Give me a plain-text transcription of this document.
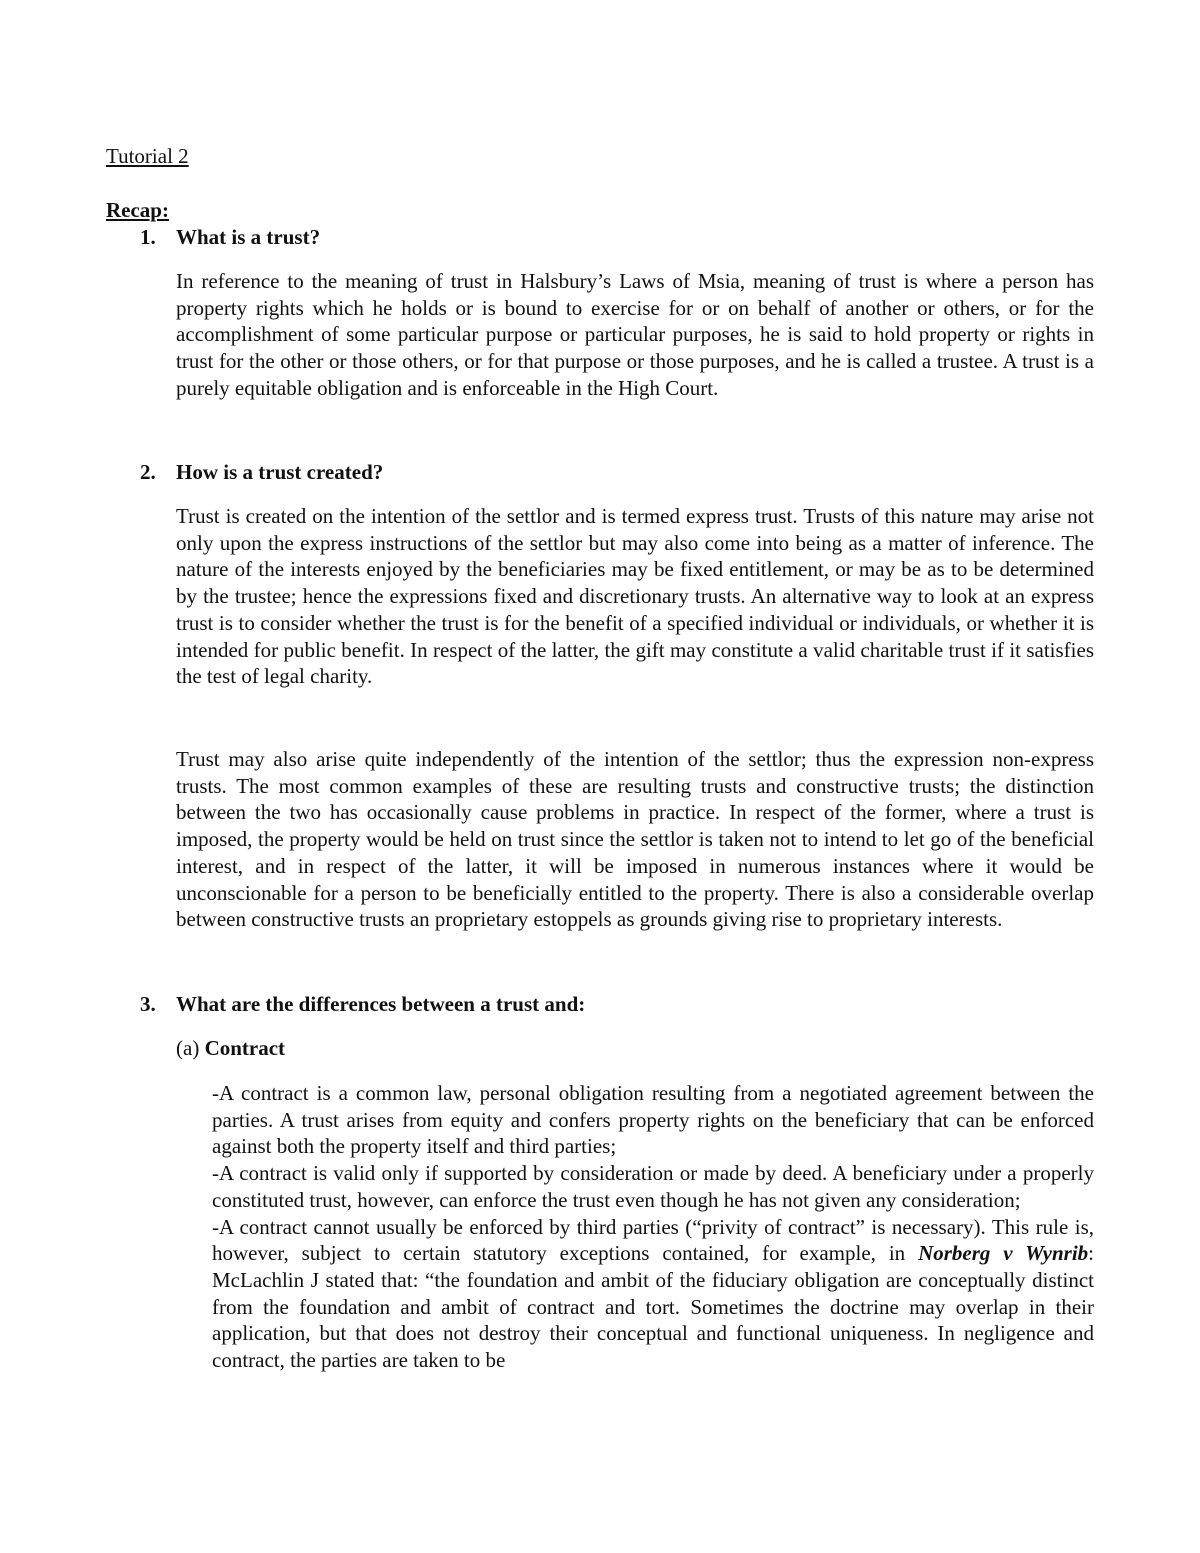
Tutorial 2
Recap:
1. What is a trust?

In reference to the meaning of trust in Halsbury’s Laws of Msia, meaning of trust is where a person has property rights which he holds or is bound to exercise for or on behalf of another or others, or for the accomplishment of some particular purpose or particular purposes, he is said to hold property or rights in trust for the other or those others, or for that purpose or those purposes, and he is called a trustee. A trust is a purely equitable obligation and is enforceable in the High Court.

2. How is a trust created?

Trust is created on the intention of the settlor and is termed express trust. Trusts of this nature may arise not only upon the express instructions of the settlor but may also come into being as a matter of inference. The nature of the interests enjoyed by the beneficiaries may be fixed entitlement, or may be as to be determined by the trustee; hence the expressions fixed and discretionary trusts. An alternative way to look at an express trust is to consider whether the trust is for the benefit of a specified individual or individuals, or whether it is intended for public benefit. In respect of the latter, the gift may constitute a valid charitable trust if it satisfies the test of legal charity.

Trust may also arise quite independently of the intention of the settlor; thus the expression non-express trusts. The most common examples of these are resulting trusts and constructive trusts; the distinction between the two has occasionally cause problems in practice. In respect of the former, where a trust is imposed, the property would be held on trust since the settlor is taken not to intend to let go of the beneficial interest, and in respect of the latter, it will be imposed in numerous instances where it would be unconscionable for a person to be beneficially entitled to the property. There is also a considerable overlap between constructive trusts an proprietary estoppels as grounds giving rise to proprietary interests.

3. What are the differences between a trust and:
(a) Contract
-A contract is a common law, personal obligation resulting from a negotiated agreement between the parties. A trust arises from equity and confers property rights on the beneficiary that can be enforced against both the property itself and third parties;
-A contract is valid only if supported by consideration or made by deed. A beneficiary under a properly constituted trust, however, can enforce the trust even though he has not given any consideration;
-A contract cannot usually be enforced by third parties (“privity of contract” is necessary). This rule is, however, subject to certain statutory exceptions contained, for example, in Norberg v Wynrib: McLachlin J stated that: “the foundation and ambit of the fiduciary obligation are conceptually distinct from the foundation and ambit of contract and tort. Sometimes the doctrine may overlap in their application, but that does not destroy their conceptual and functional uniqueness. In negligence and contract, the parties are taken to be
